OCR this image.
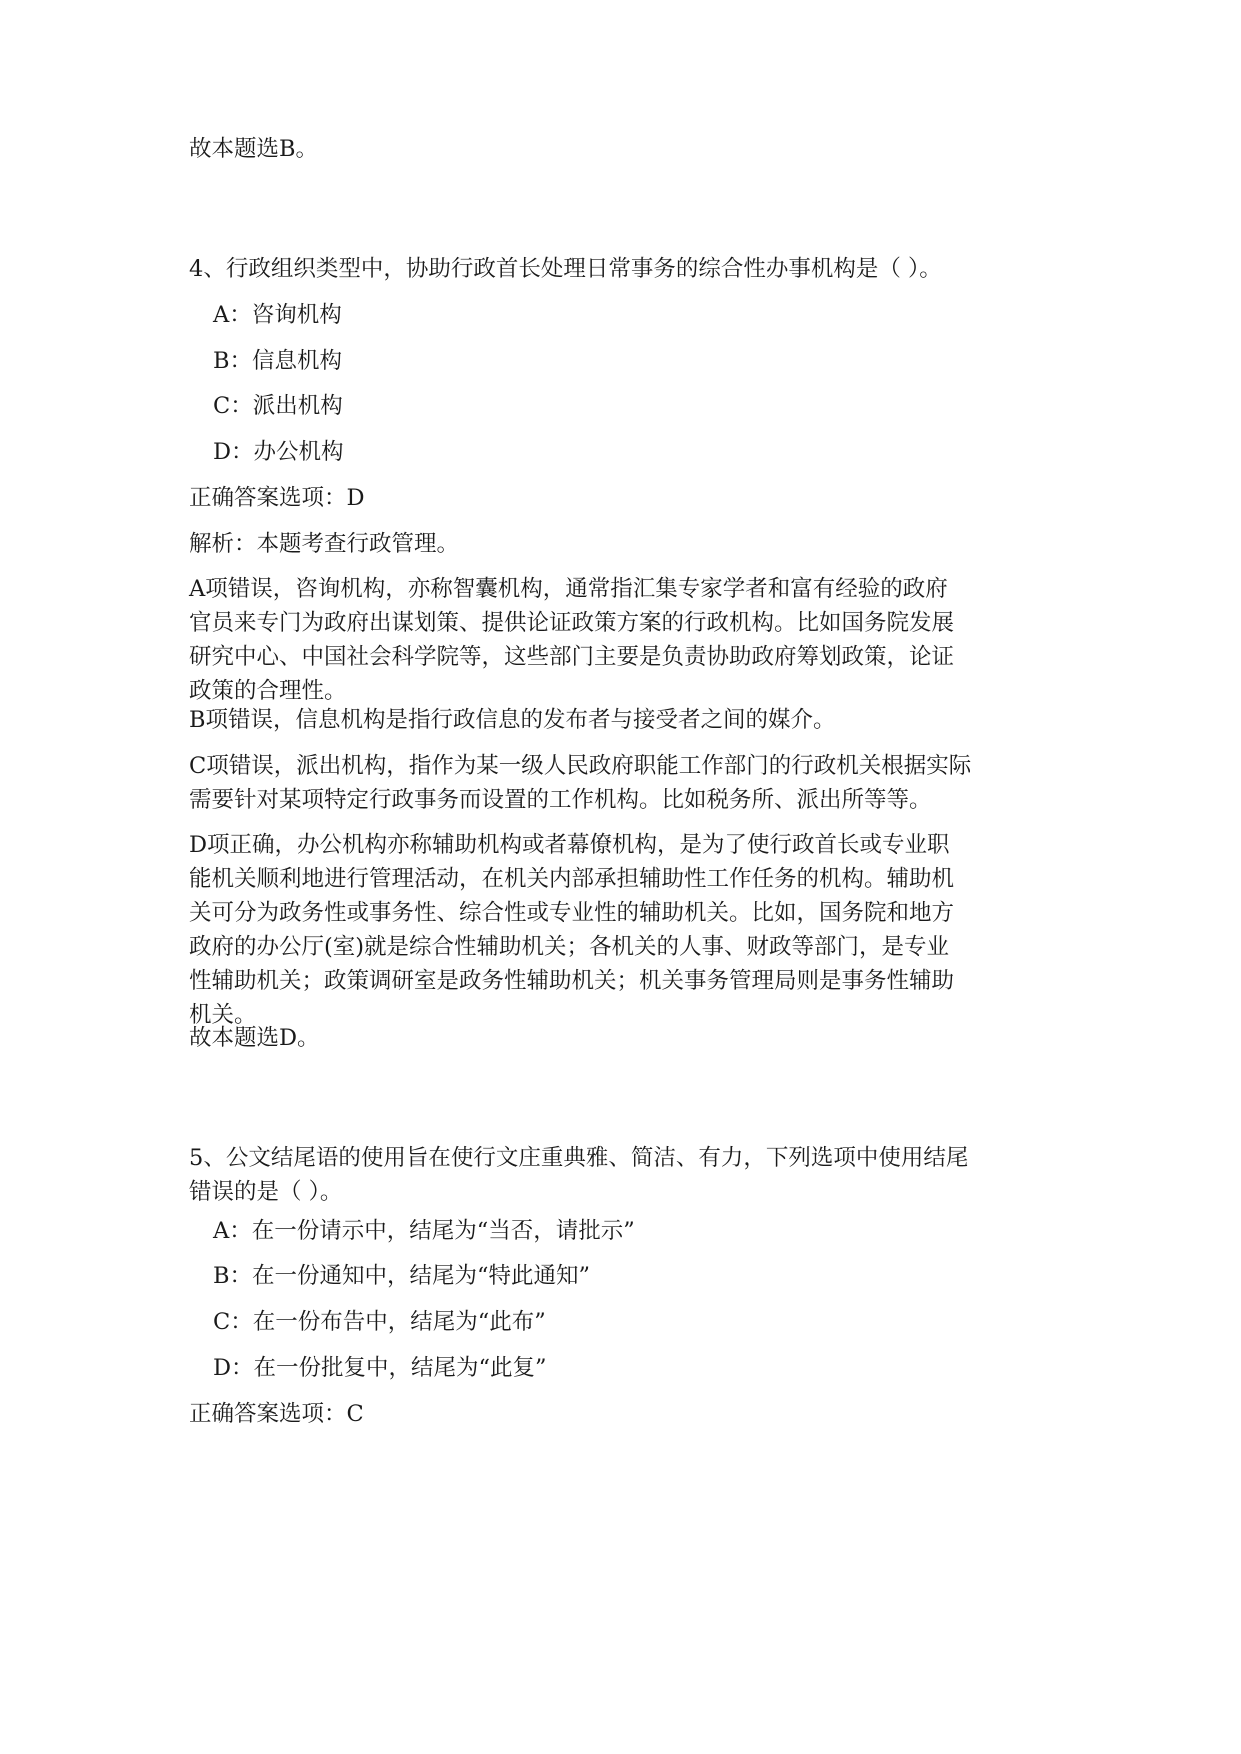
故本题选B。
4、行政组织类型中，协助行政首长处理日常事务的综合性办事机构是（ ）。
A：咨询机构
B：信息机构
C：派出机构
D：办公机构
正确答案选项：D
解析：本题考查行政管理。
A项错误，咨询机构，亦称智囊机构，通常指汇集专家学者和富有经验的政府
官员来专门为政府出谋划策、提供论证政策方案的行政机构。比如国务院发展
研究中心、中国社会科学院等，这些部门主要是负责协助政府筹划政策，论证
政策的合理性。
B项错误，信息机构是指行政信息的发布者与接受者之间的媒介。
C项错误，派出机构，指作为某一级人民政府职能工作部门的行政机关根据实际
需要针对某项特定行政事务而设置的工作机构。比如税务所、派出所等等。
D项正确，办公机构亦称辅助机构或者幕僚机构，是为了使行政首长或专业职
能机关顺利地进行管理活动，在机关内部承担辅助性工作任务的机构。辅助机
关可分为政务性或事务性、综合性或专业性的辅助机关。比如，国务院和地方
政府的办公厅(室)就是综合性辅助机关；各机关的人事、财政等部门，是专业
性辅助机关；政策调研室是政务性辅助机关；机关事务管理局则是事务性辅助
机关。
故本题选D。
5、公文结尾语的使用旨在使行文庄重典雅、简洁、有力，下列选项中使用结尾
错误的是（ ）。
A：在一份请示中，结尾为“当否，请批示”
B：在一份通知中，结尾为“特此通知”
C：在一份布告中，结尾为“此布”
D：在一份批复中，结尾为“此复”
正确答案选项：C
